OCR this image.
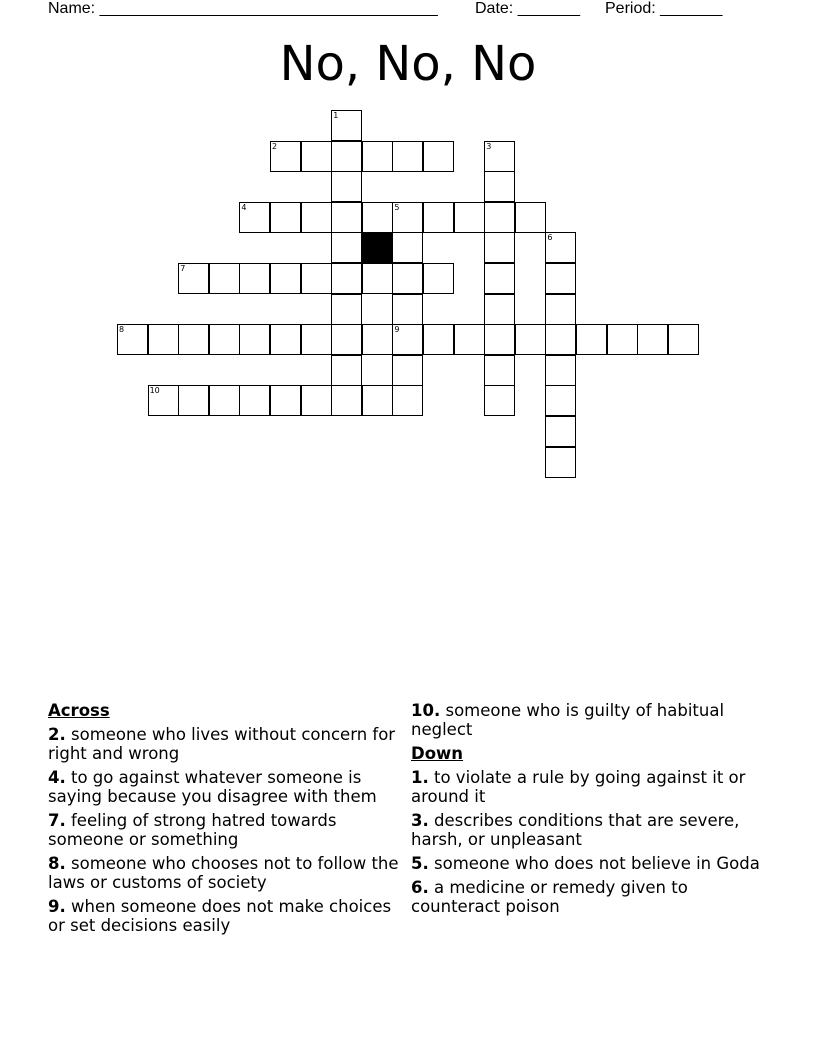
Name: ______________________________________ Date: _______ Period: _______
No, No, No
1
2	3
4	5
9
6
7
8
10
Across
2. someone who lives without concern for right and wrong
4. to go against whatever someone is saying because you disagree with them
7. feeling of strong hatred towards someone or something
8. someone who chooses not to follow the laws or customs of society
9. when someone does not make choices or set decisions easily
10. someone who is guilty of habitual neglect
Down
1. to violate a rule by going against it or around it
3. describes conditions that are severe, harsh, or unpleasant
5. someone who does not believe in Goda
6. a medicine or remedy given to counteract poison
